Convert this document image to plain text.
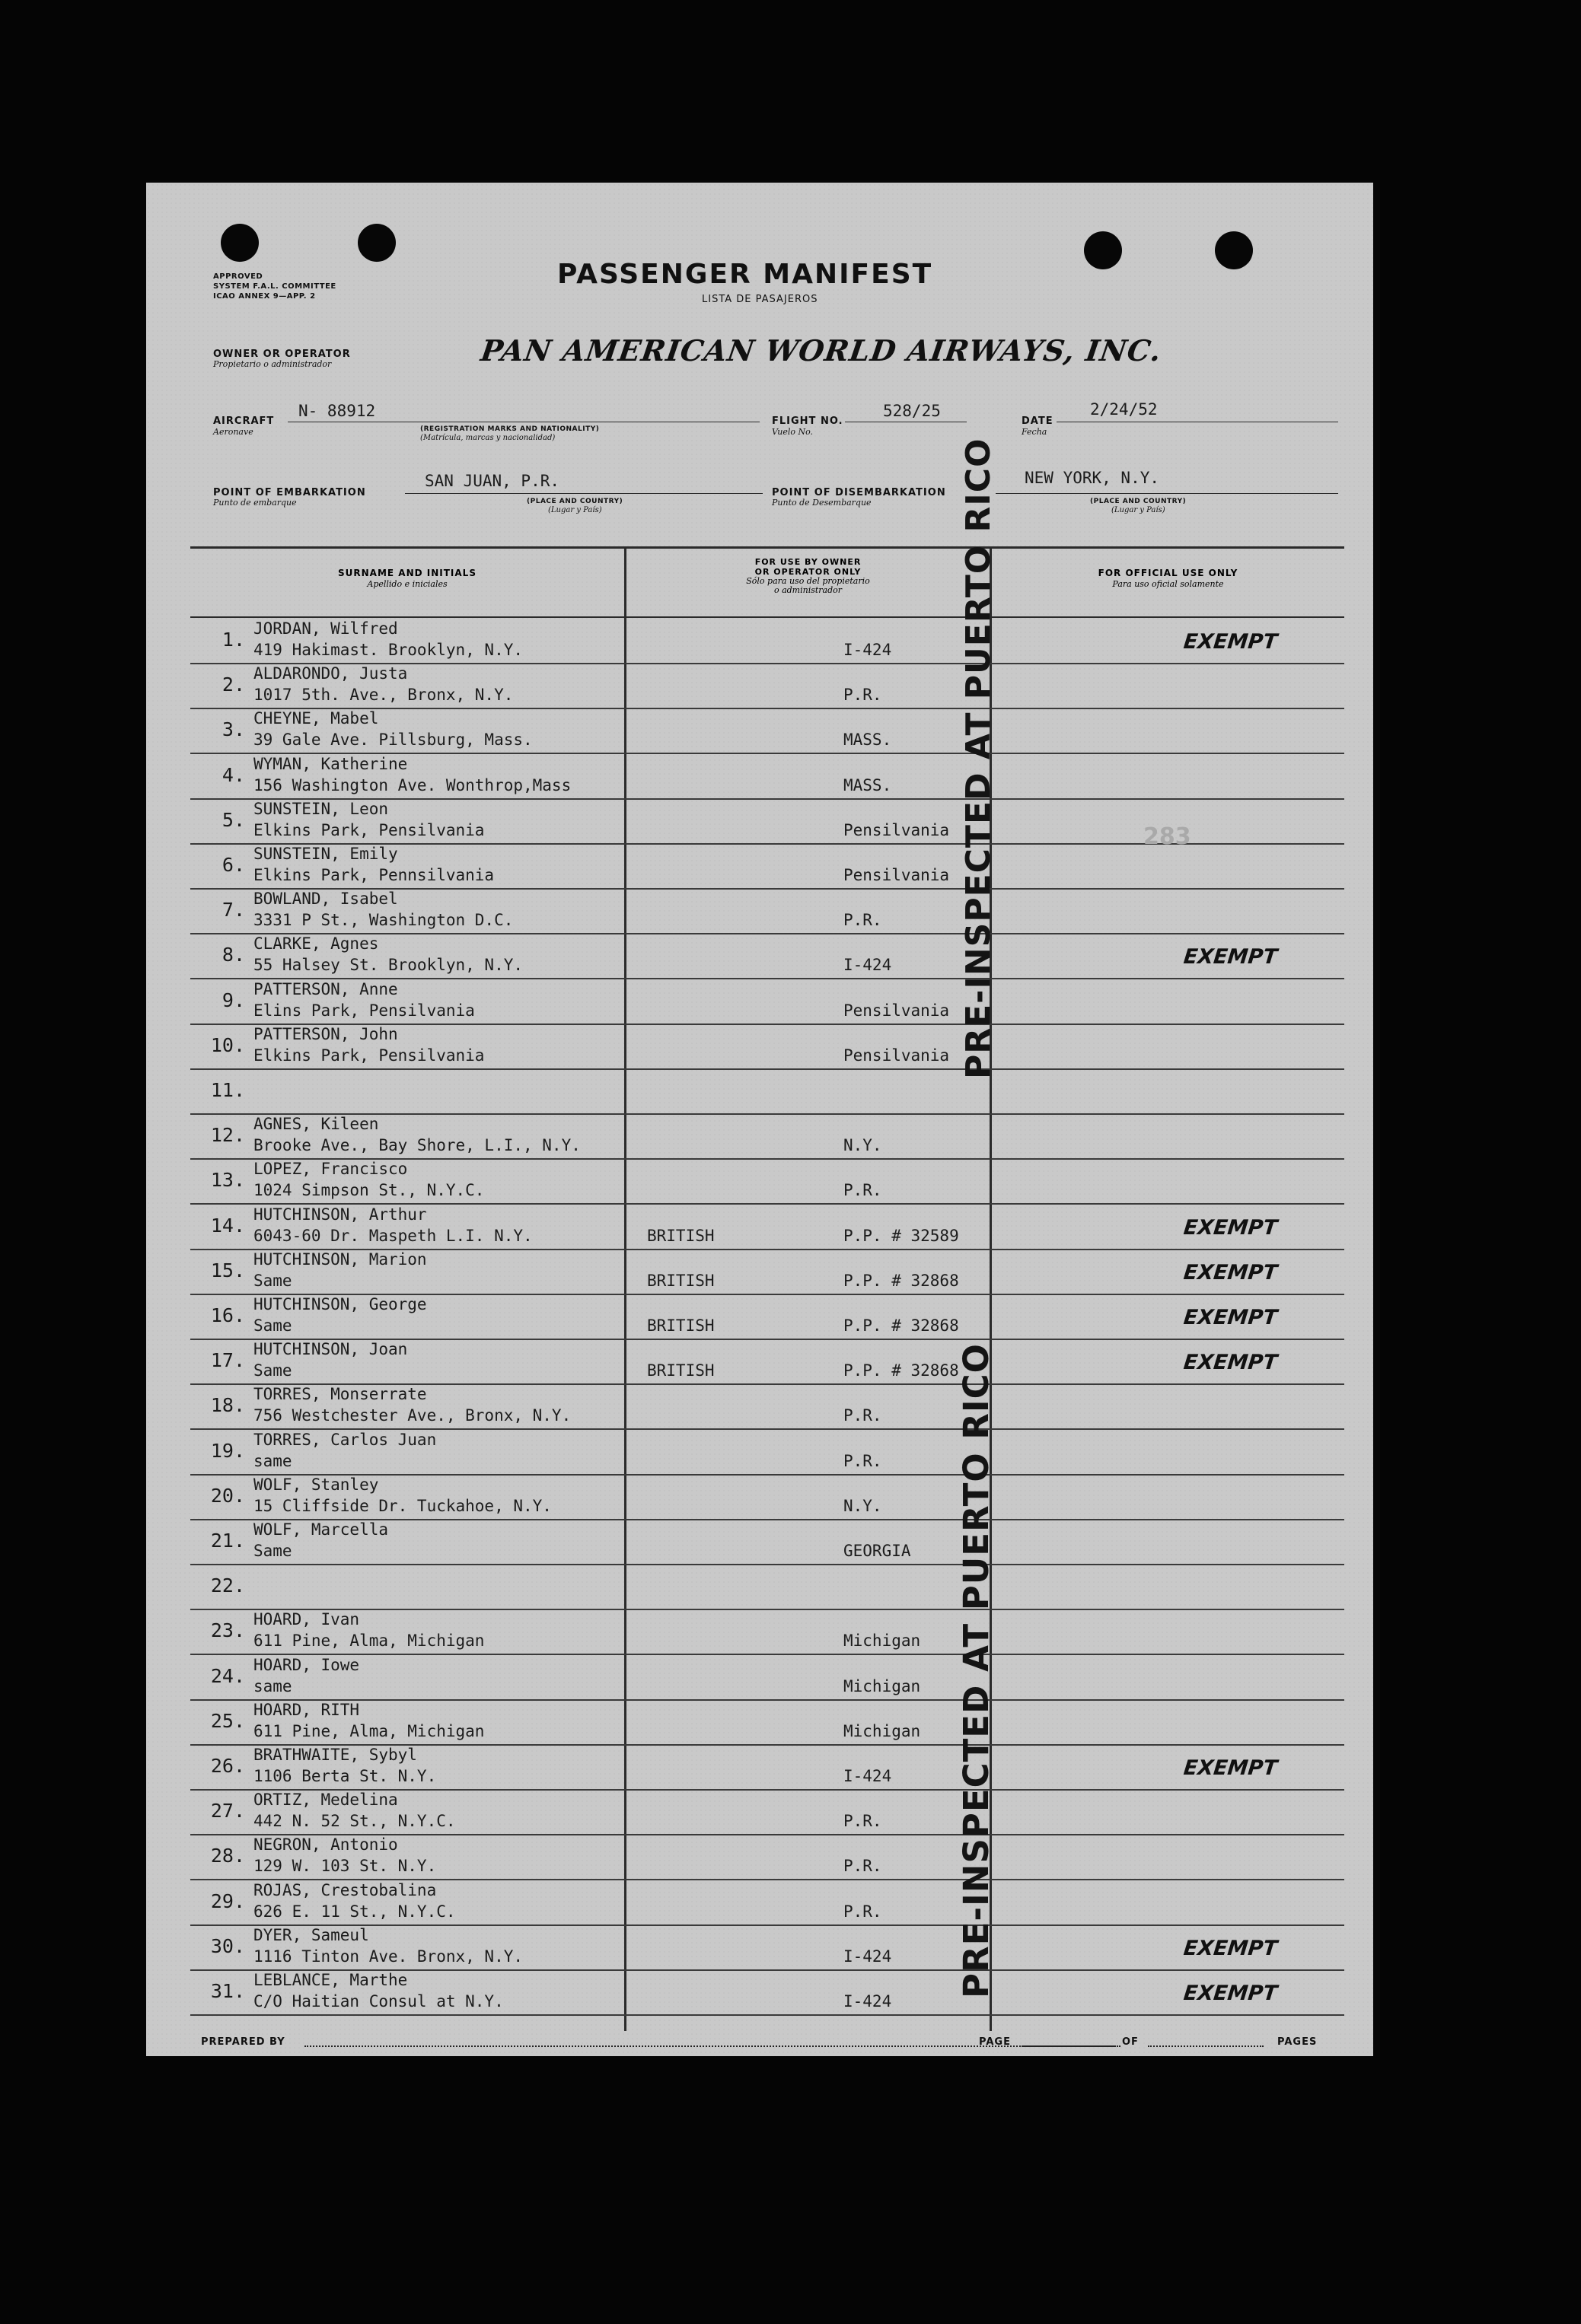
APPROVED
SYSTEM F.A.L. COMMITTEE
ICAO ANNEX 9—APP. 2
PASSENGER MANIFEST
LISTA DE PASAJEROS
OWNER OR OPERATOR
Propietario o administrador	PAN AMERICAN WORLD AIRWAYS, INC.
AIRCRAFT
Aeronave
N- 88912
(REGISTRATION MARKS AND NATIONALITY)
(Matrícula, marcas y nacionalidad)
FLIGHT NO.
Vuelo No.
528/25
DATE
Fecha
2/24/52
POINT OF EMBARKATION
Punto de embarque
SAN JUAN, P.R.
(PLACE AND COUNTRY)
(Lugar y País)
POINT OF DISEMBARKATION
Punto de Desembarque
NEW YORK, N.Y.
(PLACE AND COUNTRY)
(Lugar y País)
SURNAME AND INITIALS
Apellido e iniciales
FOR USE BY OWNER
OR OPERATOR ONLY
Sólo para uso del propietario
o administrador
FOR OFFICIAL USE ONLY
Para uso oficial solamente
1. JORDAN, Wilfred
419 Hakimast. Brooklyn, N.Y.	I-424	EXEMPT
2. ALDARONDO, Justa
1017 5th. Ave., Bronx, N.Y.	P.R.
3. CHEYNE, Mabel
39 Gale Ave. Pillsburg, Mass.	MASS.
4. WYMAN, Katherine
156 Washington Ave. Wonthrop,Mass	MASS.
5. SUNSTEIN, Leon
Elkins Park, Pensilvania	Pensilvania
6. SUNSTEIN, Emily
Elkins Park, Pennsilvania	Pensilvania
7. BOWLAND, Isabel
3331 P St., Washington D.C.	P.R.
8. CLARKE, Agnes
55 Halsey St. Brooklyn, N.Y.	I-424	EXEMPT
9. PATTERSON, Anne
Elins Park, Pensilvania	Pensilvania
10. PATTERSON, John
Elkins Park, Pensilvania	Pensilvania
11.
12. AGNES, Kileen
Brooke Ave., Bay Shore, L.I., N.Y.	N.Y.
13. LOPEZ, Francisco
1024 Simpson St., N.Y.C.	P.R.
14. HUTCHINSON, Arthur
6043-60 Dr. Maspeth L.I. N.Y.	BRITISH	P.P. # 32589	EXEMPT
15. HUTCHINSON, Marion
Same	BRITISH	P.P. # 32868	EXEMPT
16. HUTCHINSON, George
Same	BRITISH	P.P. # 32868	EXEMPT
17. HUTCHINSON, Joan
Same	BRITISH	P.P. # 32868	EXEMPT
18. TORRES, Monserrate
756 Westchester Ave., Bronx, N.Y.	P.R.
19. TORRES, Carlos Juan
same	P.R.
20. WOLF, Stanley
15 Cliffside Dr. Tuckahoe, N.Y.	N.Y.
21. WOLF, Marcella
Same	GEORGIA
22.
23. HOARD, Ivan
611 Pine, Alma, Michigan	Michigan
24. HOARD, Iowe
same	Michigan
25. HOARD, RITH
611 Pine, Alma, Michigan	Michigan
26. BRATHWAITE, Sybyl
1106 Berta St. N.Y.	I-424	EXEMPT
27. ORTIZ, Medelina
442 N. 52 St., N.Y.C.	P.R.
28. NEGRON, Antonio
129 W. 103 St. N.Y.	P.R.
29. ROJAS, Crestobalina
626 E. 11 St., N.Y.C.	P.R.
30. DYER, Sameul
1116 Tinton Ave. Bronx, N.Y.	I-424	EXEMPT
31. LEBLANCE, Marthe
C/O Haitian Consul at N.Y.	I-424	EXEMPT
PRE-INSPECTED AT PUERTO RICO
PRE-INSPECTED AT PUERTO RICO
283
PREPARED BY	PAGE	OF	PAGES
